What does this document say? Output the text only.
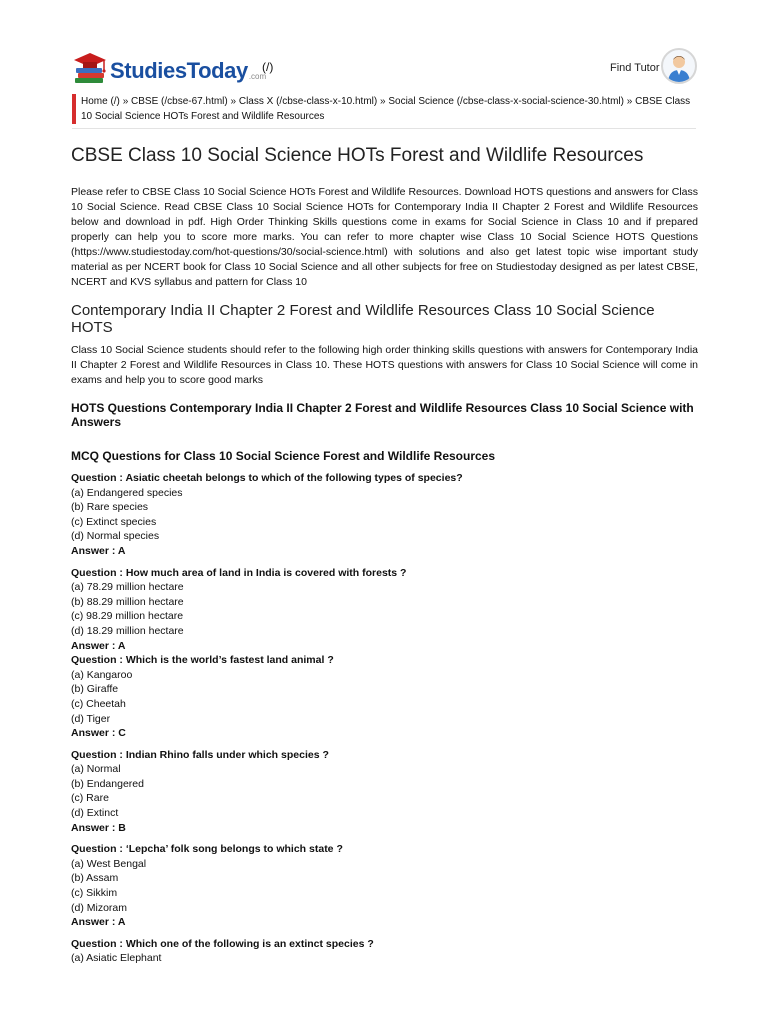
StudiesToday .com
(/)	Find Tutor
Home (/) » CBSE (/cbse-67.html) » Class X (/cbse-class-x-10.html) » Social Science (/cbse-class-x-social-science-30.html) » CBSE Class 10 Social Science HOTs Forest and Wildlife Resources
CBSE Class 10 Social Science HOTs Forest and Wildlife Resources

Please refer to CBSE Class 10 Social Science HOTs Forest and Wildlife Resources. Download HOTS questions and answers for Class 10 Social Science. Read CBSE Class 10 Social Science HOTs for Contemporary India II Chapter 2 Forest and Wildlife Resources below and download in pdf. High Order Thinking Skills questions come in exams for Social Science in Class 10 and if prepared properly can help you to score more marks. You can refer to more chapter wise Class 10 Social Science HOTS Questions (https://www.studiestoday.com/hot-questions/30/social-science.html) with solutions and also get latest topic wise important study material as per NCERT book for Class 10 Social Science and all other subjects for free on Studiestoday designed as per latest CBSE, NCERT and KVS syllabus and pattern for Class 10

Contemporary India II Chapter 2 Forest and Wildlife Resources Class 10 Social Science HOTS

Class 10 Social Science students should refer to the following high order thinking skills questions with answers for Contemporary India II Chapter 2 Forest and Wildlife Resources in Class 10. These HOTS questions with answers for Class 10 Social Science will come in exams and help you to score good marks

HOTS Questions Contemporary India II Chapter 2 Forest and Wildlife Resources Class 10 Social Science with Answers
MCQ Questions for Class 10 Social Science Forest and Wildlife Resources
Question : Asiatic cheetah belongs to which of the following types of species?
(a) Endangered species
(b) Rare species
(c) Extinct species
(d) Normal species
Answer : A
Question : How much area of land in India is covered with forests ?
(a) 78.29 million hectare
(b) 88.29 million hectare
(c) 98.29 million hectare
(d) 18.29 million hectare
Answer : A
Question : Which is the world’s fastest land animal ?
(a) Kangaroo
(b) Giraffe
(c) Cheetah
(d) Tiger
Answer : C
Question : Indian Rhino falls under which species ?
(a) Normal
(b) Endangered
(c) Rare
(d) Extinct
Answer : B
Question : ‘Lepcha’ folk song belongs to which state ?
(a) West Bengal
(b) Assam
(c) Sikkim
(d) Mizoram
Answer : A
Question : Which one of the following is an extinct species ?
(a) Asiatic Elephant
